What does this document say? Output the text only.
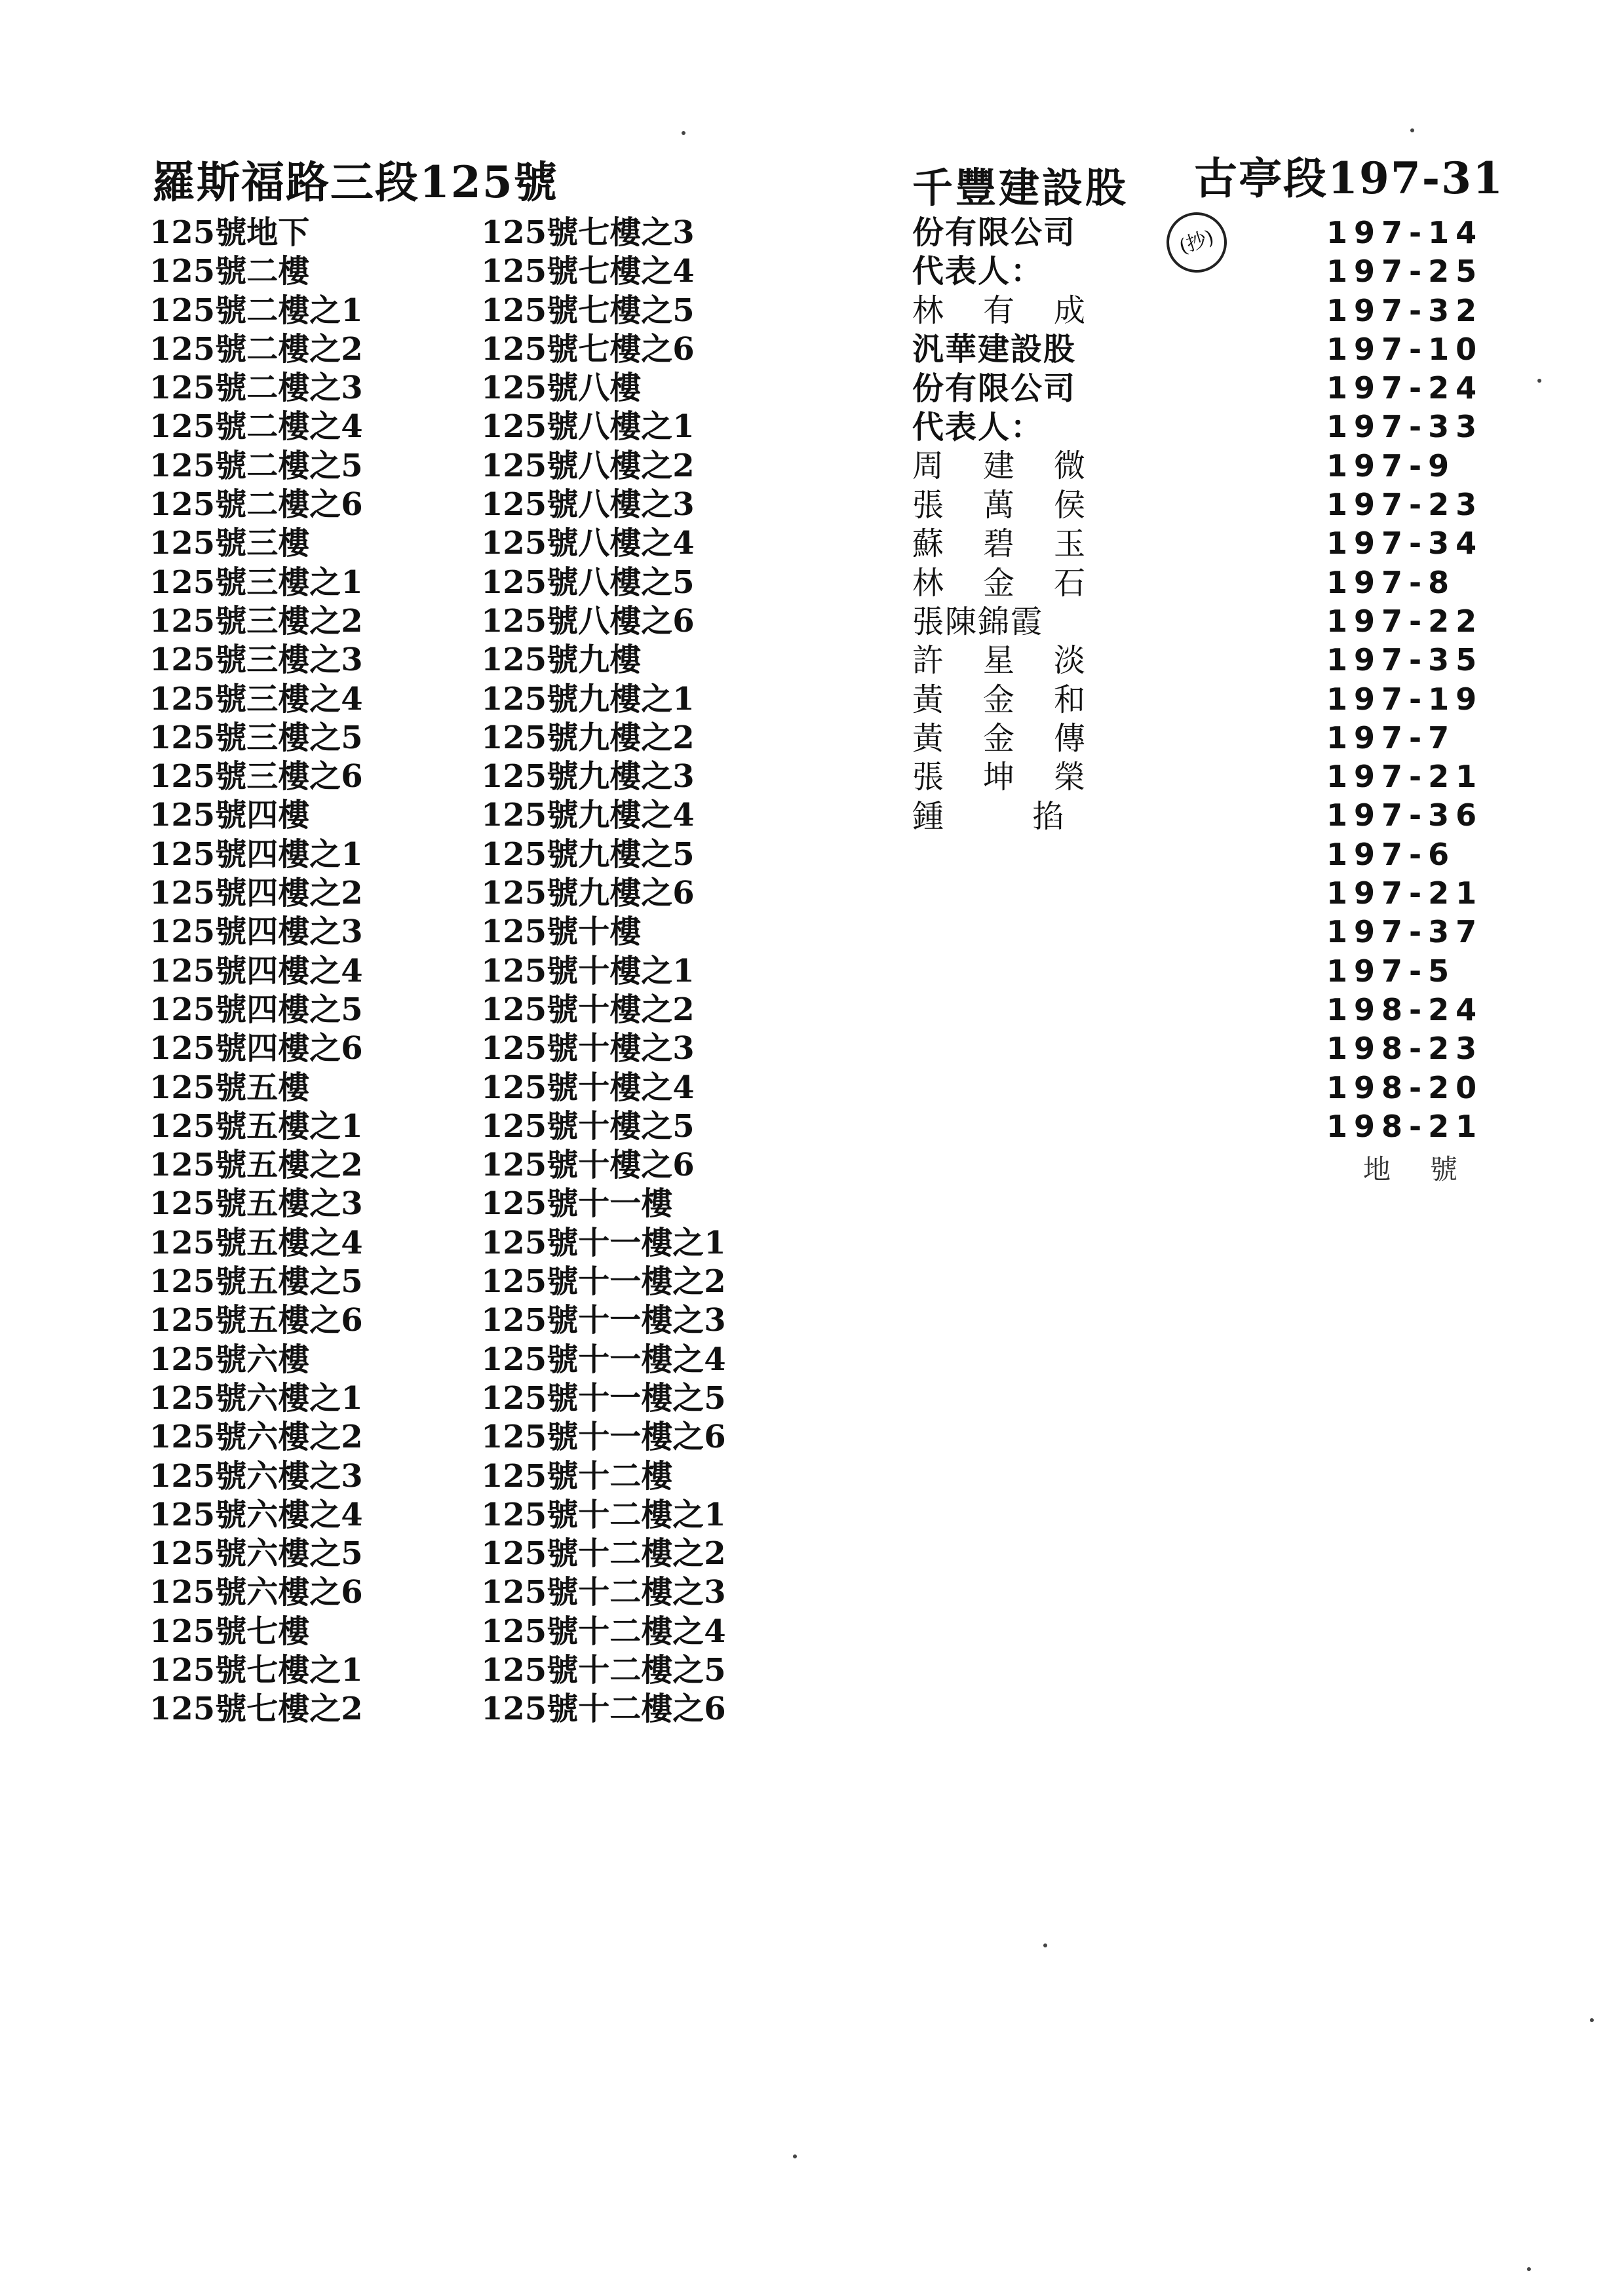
羅斯福路三段125號
125號地下
125號二樓
125號二樓之1
125號二樓之2
125號二樓之3
125號二樓之4
125號二樓之5
125號二樓之6
125號三樓
125號三樓之1
125號三樓之2
125號三樓之3
125號三樓之4
125號三樓之5
125號三樓之6
125號四樓
125號四樓之1
125號四樓之2
125號四樓之3
125號四樓之4
125號四樓之5
125號四樓之6
125號五樓
125號五樓之1
125號五樓之2
125號五樓之3
125號五樓之4
125號五樓之5
125號五樓之6
125號六樓
125號六樓之1
125號六樓之2
125號六樓之3
125號六樓之4
125號六樓之5
125號六樓之6
125號七樓
125號七樓之1
125號七樓之2
125號七樓之3
125號七樓之4
125號七樓之5
125號七樓之6
125號八樓
125號八樓之1
125號八樓之2
125號八樓之3
125號八樓之4
125號八樓之5
125號八樓之6
125號九樓
125號九樓之1
125號九樓之2
125號九樓之3
125號九樓之4
125號九樓之5
125號九樓之6
125號十樓
125號十樓之1
125號十樓之2
125號十樓之3
125號十樓之4
125號十樓之5
125號十樓之6
125號十一樓
125號十一樓之1
125號十一樓之2
125號十一樓之3
125號十一樓之4
125號十一樓之5
125號十一樓之6
125號十二樓
125號十二樓之1
125號十二樓之2
125號十二樓之3
125號十二樓之4
125號十二樓之5
125號十二樓之6
千豐建設股
份有限公司
代表人：
林有成
汎華建設股
份有限公司
代表人：
周建微
張萬侯
蘇碧玉
林金石
張陳錦霞
許星淡
黃金和
黃金傳
張坤榮
鍾 掐
古亭段197-31
(抄)	197-14
197-25
197-32
197-10
197-24
197-33
197-9
197-23
197-34
197-8
197-22
197-35
197-19
197-7
197-21
197-36
197-6
197-21
197-37
197-5
198-24
198-23
198-20
198-21
地號
